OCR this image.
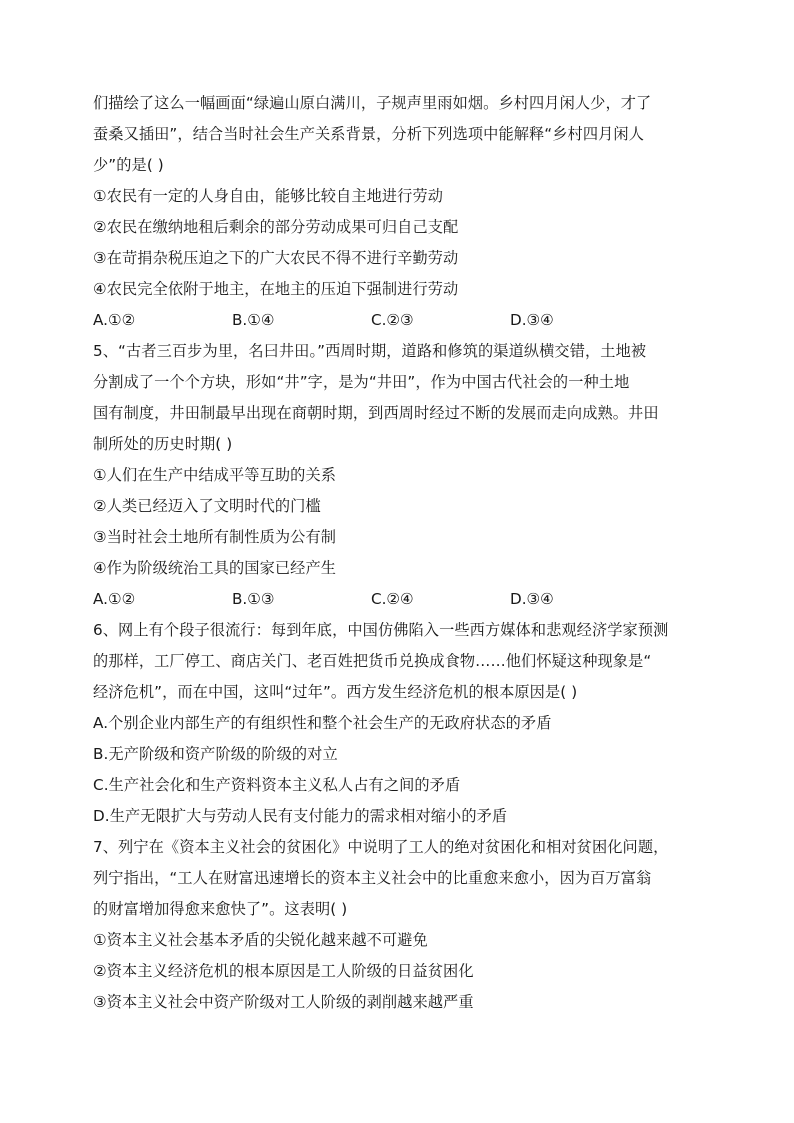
们描绘了这么一幅画面“绿遍山原白满川，子规声里雨如烟。乡村四月闲人少，才了
蚕桑又插田”，结合当时社会生产关系背景，分析下列选项中能解释“乡村四月闲人
少”的是( )
①农民有一定的人身自由，能够比较自主地进行劳动
②农民在缴纳地租后剩余的部分劳动成果可归自己支配
③在苛捐杂税压迫之下的广大农民不得不进行辛勤劳动
④农民完全依附于地主，在地主的压迫下强制进行劳动
A.①②	B.①④	C.②③	D.③④
5、“古者三百步为里，名曰井田。”西周时期，道路和修筑的渠道纵横交错，土地被
分割成了一个个方块，形如“井”字，是为“井田”，作为中国古代社会的一种土地
国有制度，井田制最早出现在商朝时期，到西周时经过不断的发展而走向成熟。井田
制所处的历史时期( )
①人们在生产中结成平等互助的关系
②人类已经迈入了文明时代的门槛
③当时社会土地所有制性质为公有制
④作为阶级统治工具的国家已经产生
A.①②	B.①③	C.②④	D.③④
6、网上有个段子很流行：每到年底，中国仿佛陷入一些西方媒体和悲观经济学家预测
的那样，工厂停工、商店关门、老百姓把货币兑换成食物……他们怀疑这种现象是“
经济危机”，而在中国，这叫“过年”。西方发生经济危机的根本原因是( )
A.个别企业内部生产的有组织性和整个社会生产的无政府状态的矛盾
B.无产阶级和资产阶级的阶级的对立
C.生产社会化和生产资料资本主义私人占有之间的矛盾
D.生产无限扩大与劳动人民有支付能力的需求相对缩小的矛盾
7、列宁在《资本主义社会的贫困化》中说明了工人的绝对贫困化和相对贫困化问题，
列宁指出，“工人在财富迅速增长的资本主义社会中的比重愈来愈小，因为百万富翁
的财富增加得愈来愈快了”。这表明( )
①资本主义社会基本矛盾的尖锐化越来越不可避免
②资本主义经济危机的根本原因是工人阶级的日益贫困化
③资本主义社会中资产阶级对工人阶级的剥削越来越严重
